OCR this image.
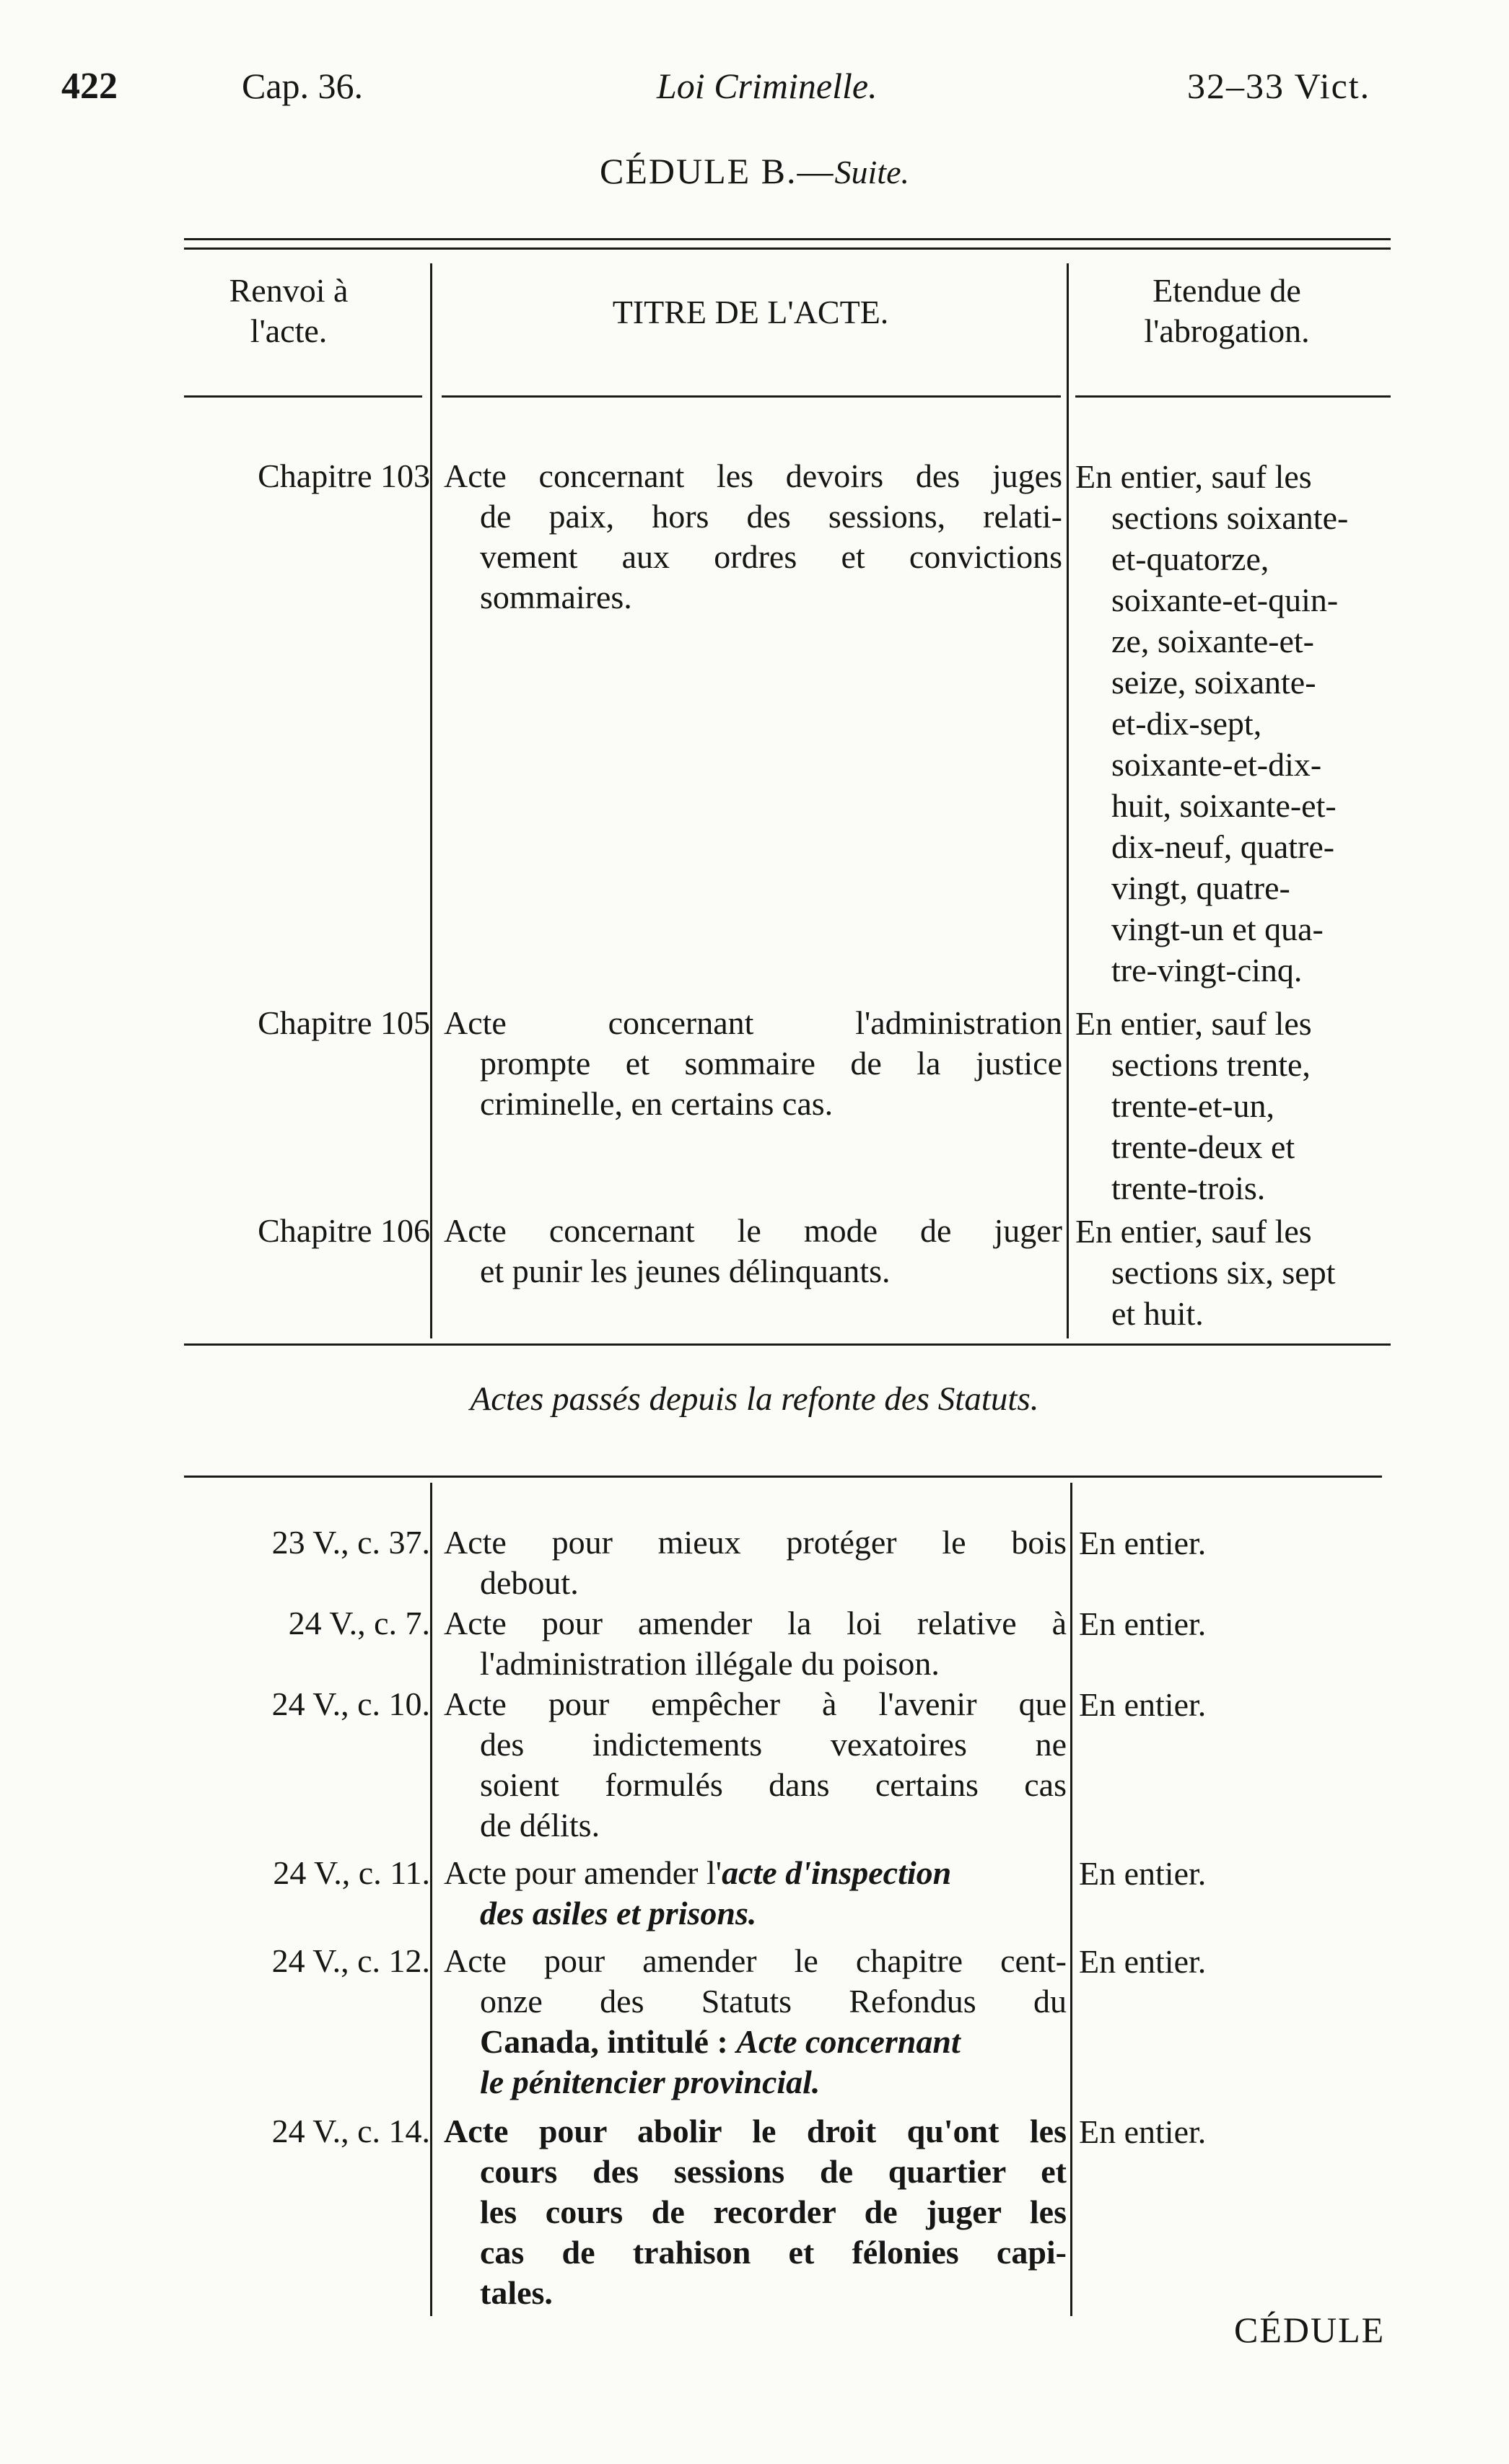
422	Cap. 36.	Loi Criminelle.	32–33 Vict.
CÉDULE B.—Suite.
Renvoi à
l'acte.
TITRE DE L'ACTE.
Etendue de
l'abrogation.
Chapitre 103 Acte concernant les devoirs des juges
de paix, hors des sessions, relati-
vement aux ordres et convictions
sommaires.
En entier, sauf les
sections soixante-
et-quatorze,
soixante-et-quin-
ze, soixante-et-
seize, soixante-
et-dix-sept,
soixante-et-dix-
huit, soixante-et-
dix-neuf, quatre-
vingt, quatre-
vingt-un et qua-
tre-vingt-cinq.
Chapitre 105 Acte concernant l'administration
prompte et sommaire de la justice
criminelle, en certains cas.
En entier, sauf les
sections trente,
trente-et-un,
trente-deux et
trente-trois.
Chapitre 106 Acte concernant le mode de juger
et punir les jeunes délinquants.
En entier, sauf les
sections six, sept
et huit.
Actes passés depuis la refonte des Statuts.
23 V., c. 37. Acte pour mieux protéger le bois
debout.
En entier.
24 V., c. 7. Acte pour amender la loi relative à
l'administration illégale du poison.
En entier.
24 V., c. 10. Acte pour empêcher à l'avenir que
des indictements vexatoires ne
soient formulés dans certains cas
de délits.
En entier.
24 V., c. 11. Acte pour amender l'acte d'inspection
des asiles et prisons.
En entier.
24 V., c. 12. Acte pour amender le chapitre cent-
onze des Statuts Refondus du
Canada, intitulé : Acte concernant
le pénitencier provincial.
En entier.
24 V., c. 14. Acte pour abolir le droit qu'ont les
cours des sessions de quartier et
les cours de recorder de juger les
cas de trahison et félonies capi-
tales.
En entier.
CÉDULE
